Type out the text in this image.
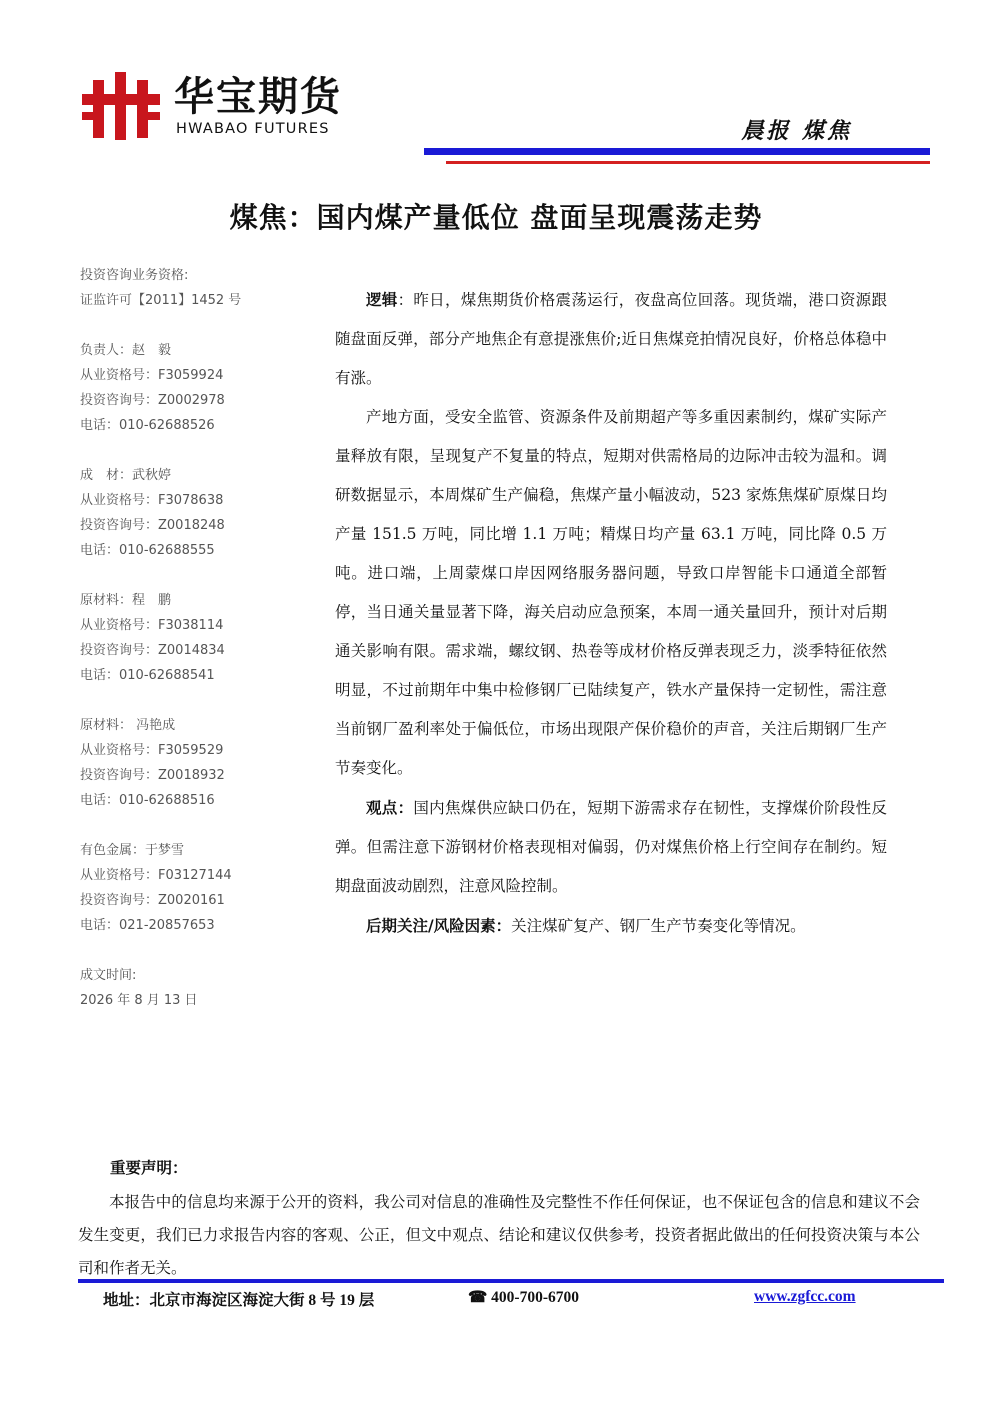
华宝期货
HWABAO FUTURES	晨报 煤焦
煤焦：国内煤产量低位 盘面呈现震荡走势
投资咨询业务资格:
证监许可【2011】1452 号
负责人：赵　毅
从业资格号：F3059924
投资咨询号：Z0002978
电话：010-62688526
成　材：武秋婷
从业资格号：F3078638
投资咨询号：Z0018248
电话：010-62688555
原材料：程　鹏
从业资格号：F3038114
投资咨询号：Z0014834
电话：010-62688541
原材料： 冯艳成
从业资格号：F3059529
投资咨询号：Z0018932
电话：010-62688516
有色金属：于梦雪
从业资格号：F03127144
投资咨询号：Z0020161
电话：021-20857653
成文时间:
2026 年 8 月 13 日

逻辑：昨日，煤焦期货价格震荡运行，夜盘高位回落。现货端，港口资源跟随盘面反弹，部分产地焦企有意提涨焦价;近日焦煤竞拍情况良好，价格总体稳中有涨。

产地方面，受安全监管、资源条件及前期超产等多重因素制约，煤矿实际产量释放有限，呈现复产不复量的特点，短期对供需格局的边际冲击较为温和。调研数据显示，本周煤矿生产偏稳，焦煤产量小幅波动，523 家炼焦煤矿原煤日均产量 151.5 万吨，同比增 1.1 万吨；精煤日均产量 63.1 万吨，同比降 0.5 万吨。进口端，上周蒙煤口岸因网络服务器问题，导致口岸智能卡口通道全部暂停，当日通关量显著下降，海关启动应急预案，本周一通关量回升，预计对后期通关影响有限。需求端，螺纹钢、热卷等成材价格反弹表现乏力，淡季特征依然明显，不过前期年中集中检修钢厂已陆续复产，铁水产量保持一定韧性，需注意当前钢厂盈利率处于偏低位，市场出现限产保价稳价的声音，关注后期钢厂生产节奏变化。

观点：国内焦煤供应缺口仍在，短期下游需求存在韧性，支撑煤价阶段性反弹。但需注意下游钢材价格表现相对偏弱，仍对煤焦价格上行空间存在制约。短期盘面波动剧烈，注意风险控制。

后期关注/风险因素：关注煤矿复产、钢厂生产节奏变化等情况。

重要声明：

本报告中的信息均来源于公开的资料，我公司对信息的准确性及完整性不作任何保证，也不保证包含的信息和建议不会发生变更，我们已力求报告内容的客观、公正，但文中观点、结论和建议仅供参考，投资者据此做出的任何投资决策与本公司和作者无关。

地址：北京市海淀区海淀大街 8 号 19 层	☎ 400-700-6700	www.zgfcc.com
